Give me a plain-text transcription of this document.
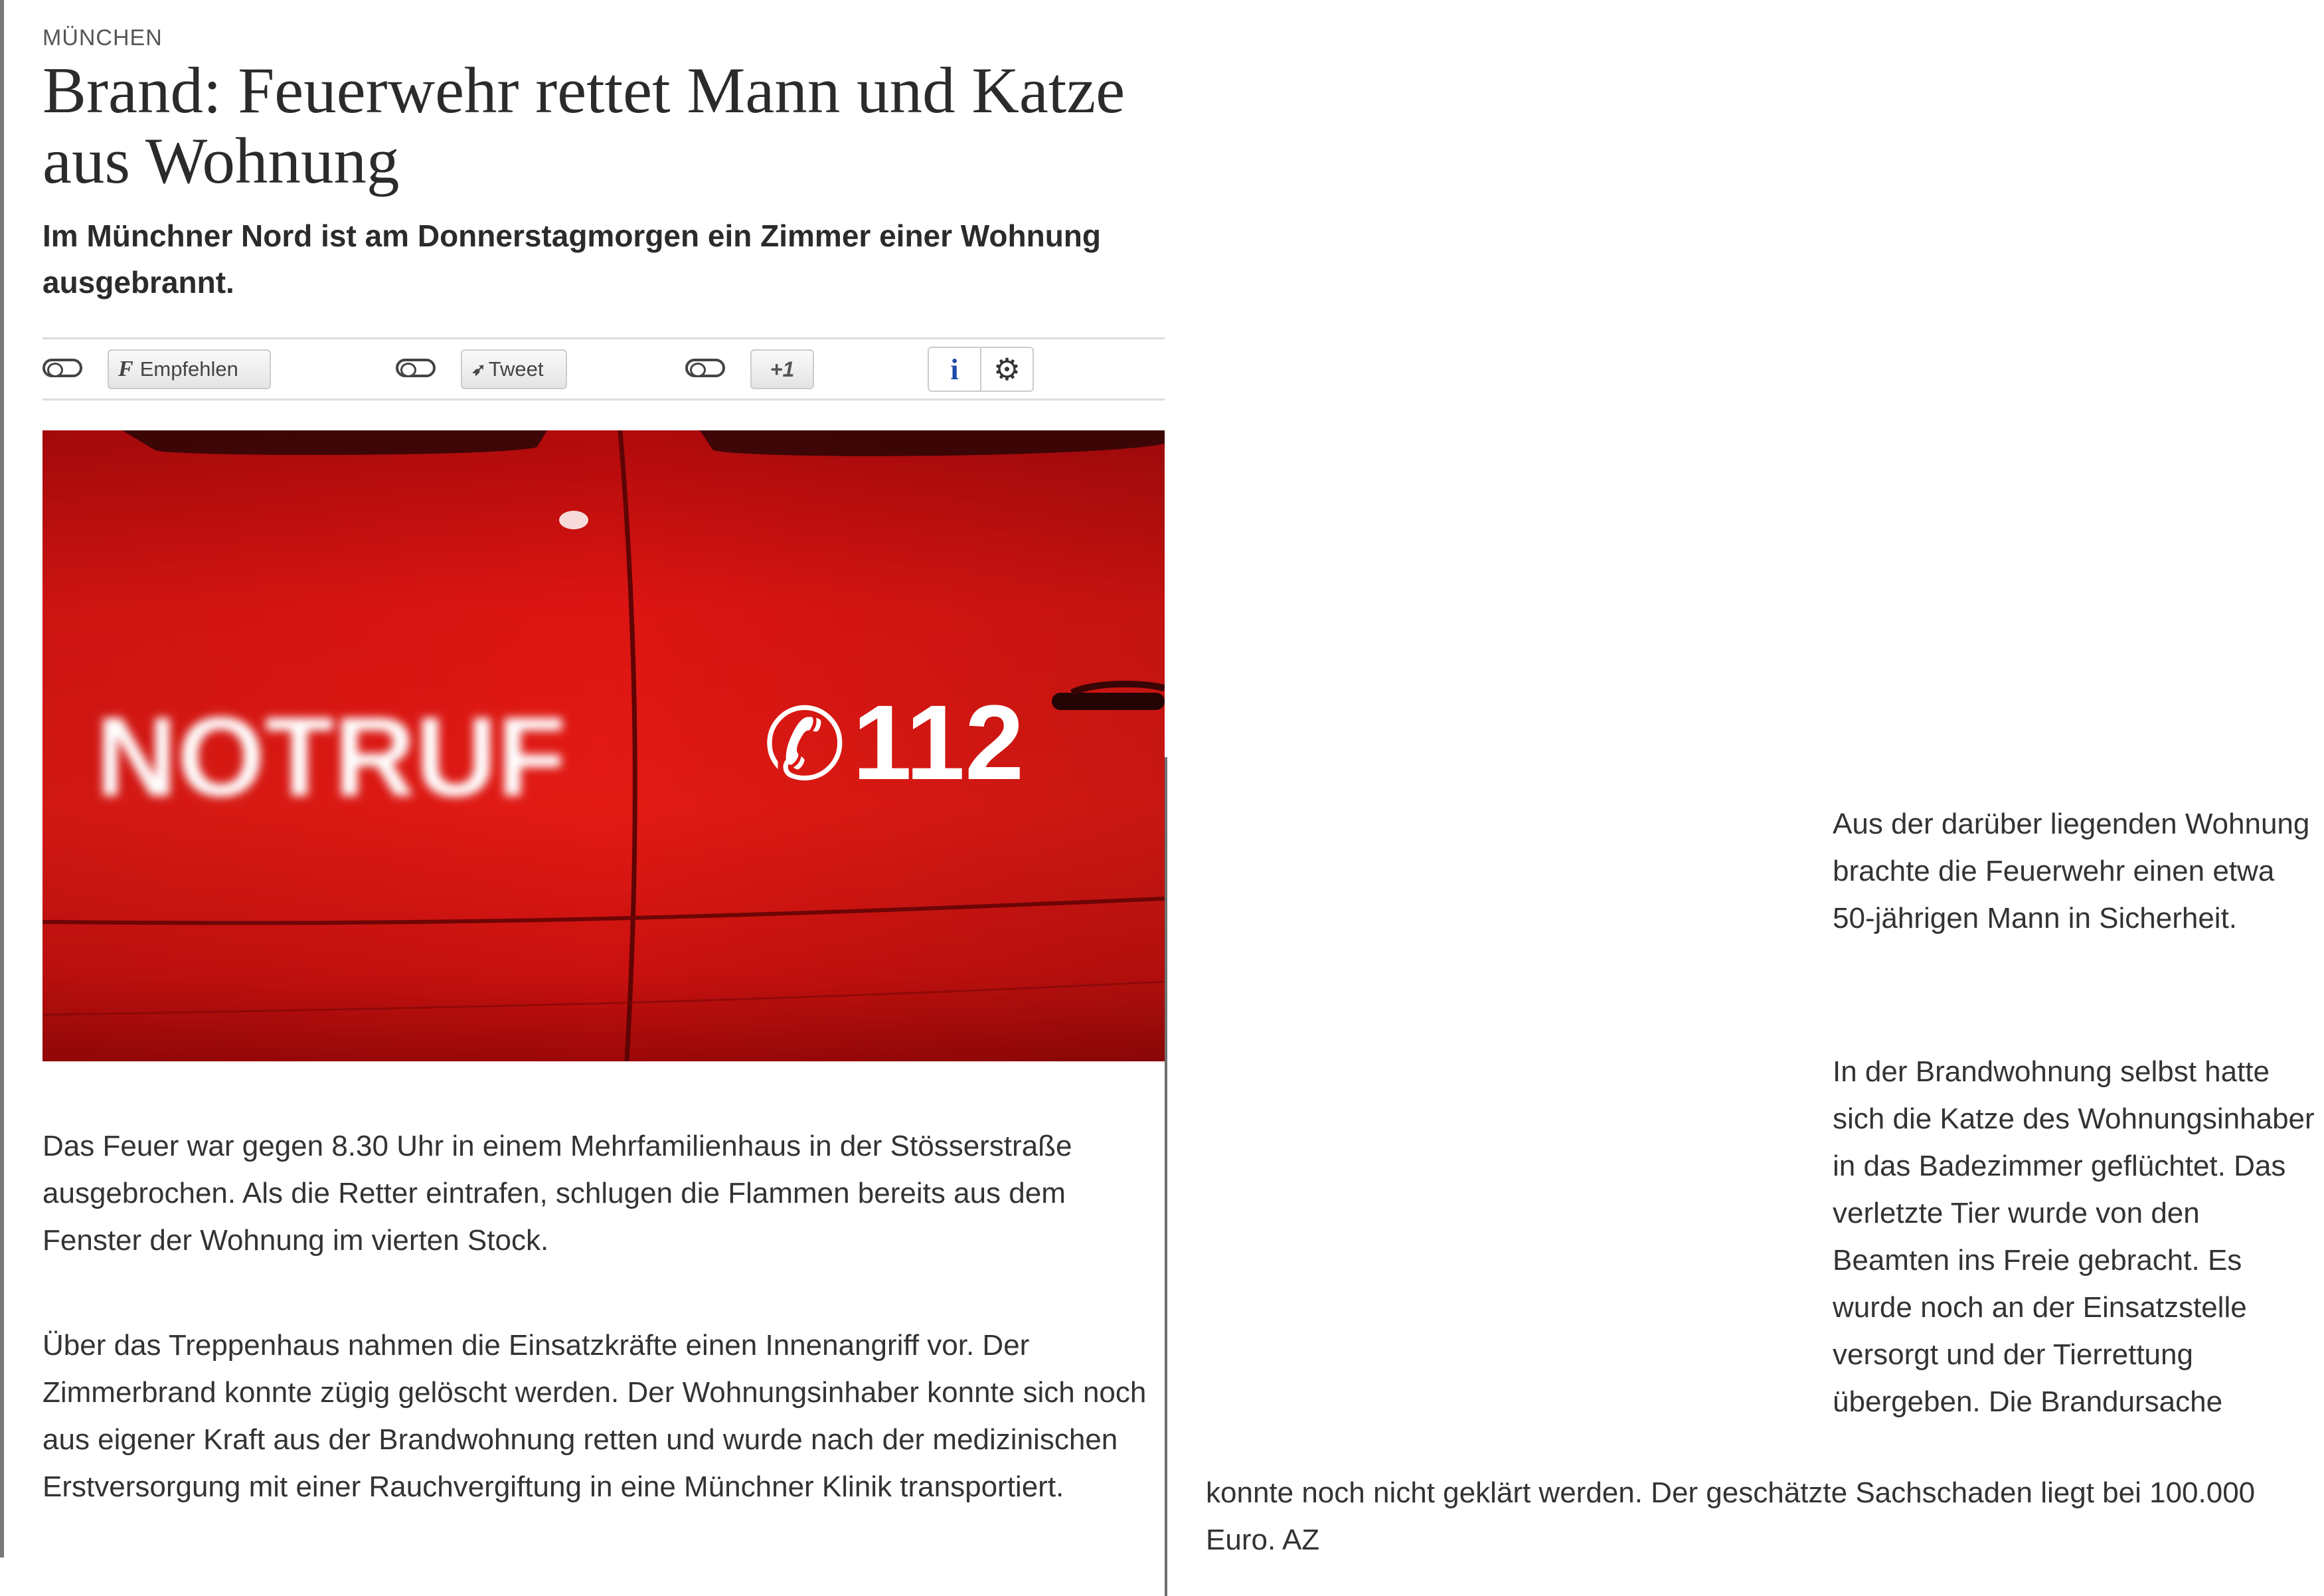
MÜNCHEN
Brand: Feuerwehr rettet Mann und Katze aus Wohnung

Im Münchner Nord ist am Donnerstagmorgen ein Zimmer einer Wohnung ausgebrannt.

F Empfehlen	➶ Tweet	+1	i ⚙
NOTRUF ✆ 112

Das Feuer war gegen 8.30 Uhr in einem Mehrfamilienhaus in der Stösserstraße ausgebrochen. Als die Retter eintrafen, schlugen die Flammen bereits aus dem Fenster der Wohnung im vierten Stock.

Über das Treppenhaus nahmen die Einsatzkräfte einen Innenangriff vor. Der Zimmerbrand konnte zügig gelöscht werden. Der Wohnungsinhaber konnte sich noch aus eigener Kraft aus der Brandwohnung retten und wurde nach der medizinischen Erstversorgung mit einer Rauchvergiftung in eine Münchner Klinik transportiert.

Aus der darüber liegenden Wohnung brachte die Feuerwehr einen etwa 50-jährigen Mann in Sicherheit.

In der Brandwohnung selbst hatte sich die Katze des Wohnungsinhaber in das Badezimmer geflüchtet. Das verletzte Tier wurde von den Beamten ins Freie gebracht. Es wurde noch an der Einsatzstelle versorgt und der Tierrettung übergeben. Die Brandursache

konnte noch nicht geklärt werden. Der geschätzte Sachschaden liegt bei 100.000 Euro. AZ
